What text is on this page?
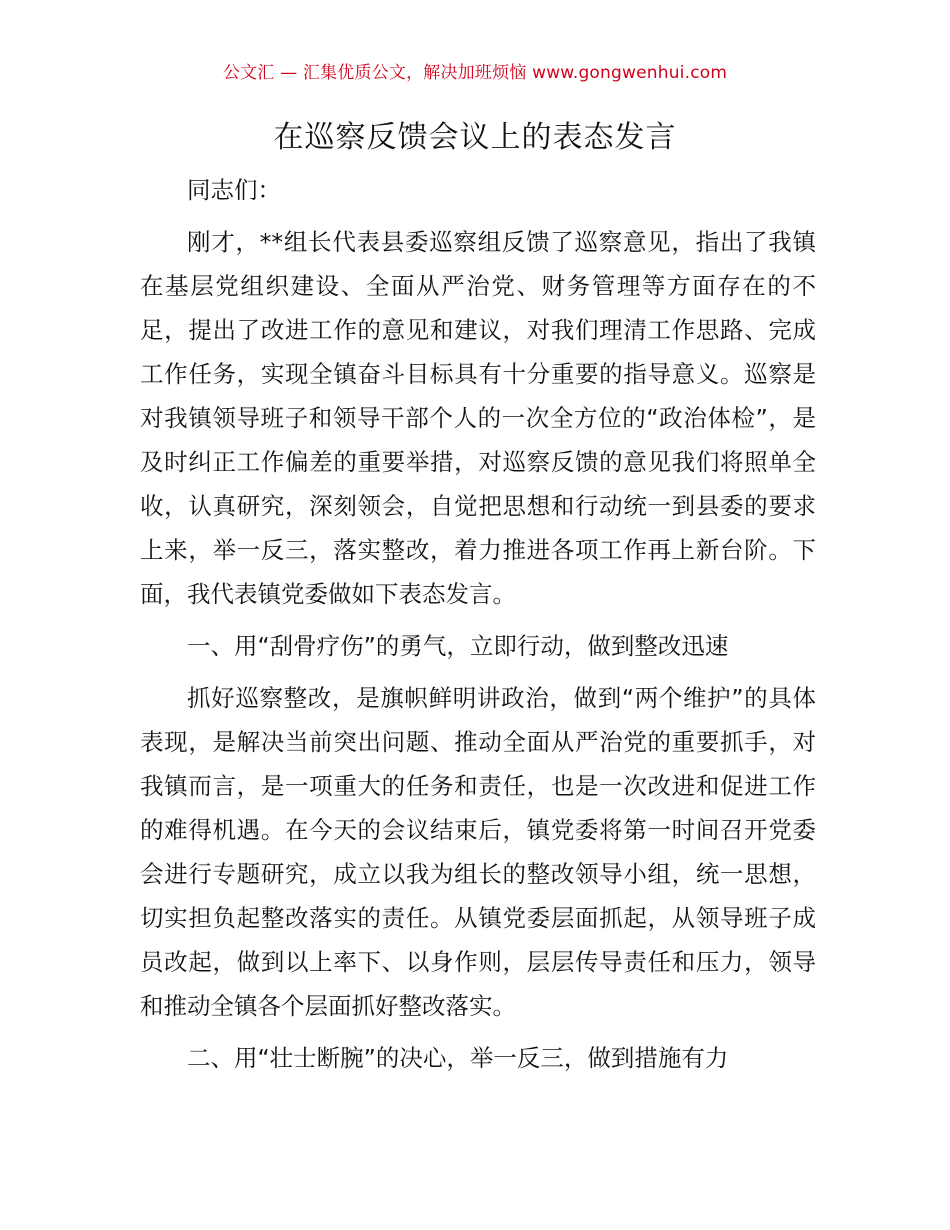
公文汇 — 汇集优质公文，解决加班烦恼 www.gongwenhui.com
在巡察反馈会议上的表态发言

同志们：

刚才，**组长代表县委巡察组反馈了巡察意见，指出了我镇在基层党组织建设、全面从严治党、财务管理等方面存在的不足，提出了改进工作的意见和建议，对我们理清工作思路、完成工作任务，实现全镇奋斗目标具有十分重要的指导意义。巡察是对我镇领导班子和领导干部个人的一次全方位的“政治体检”，是及时纠正工作偏差的重要举措，对巡察反馈的意见我们将照单全收，认真研究，深刻领会，自觉把思想和行动统一到县委的要求上来，举一反三，落实整改，着力推进各项工作再上新台阶。下面，我代表镇党委做如下表态发言。

一、用“刮骨疗伤”的勇气，立即行动，做到整改迅速

抓好巡察整改，是旗帜鲜明讲政治，做到“两个维护”的具体表现，是解决当前突出问题、推动全面从严治党的重要抓手，对我镇而言，是一项重大的任务和责任，也是一次改进和促进工作的难得机遇。在今天的会议结束后，镇党委将第一时间召开党委会进行专题研究，成立以我为组长的整改领导小组，统一思想，切实担负起整改落实的责任。从镇党委层面抓起，从领导班子成员改起，做到以上率下、以身作则，层层传导责任和压力，领导和推动全镇各个层面抓好整改落实。

二、用“壮士断腕”的决心，举一反三，做到措施有力
